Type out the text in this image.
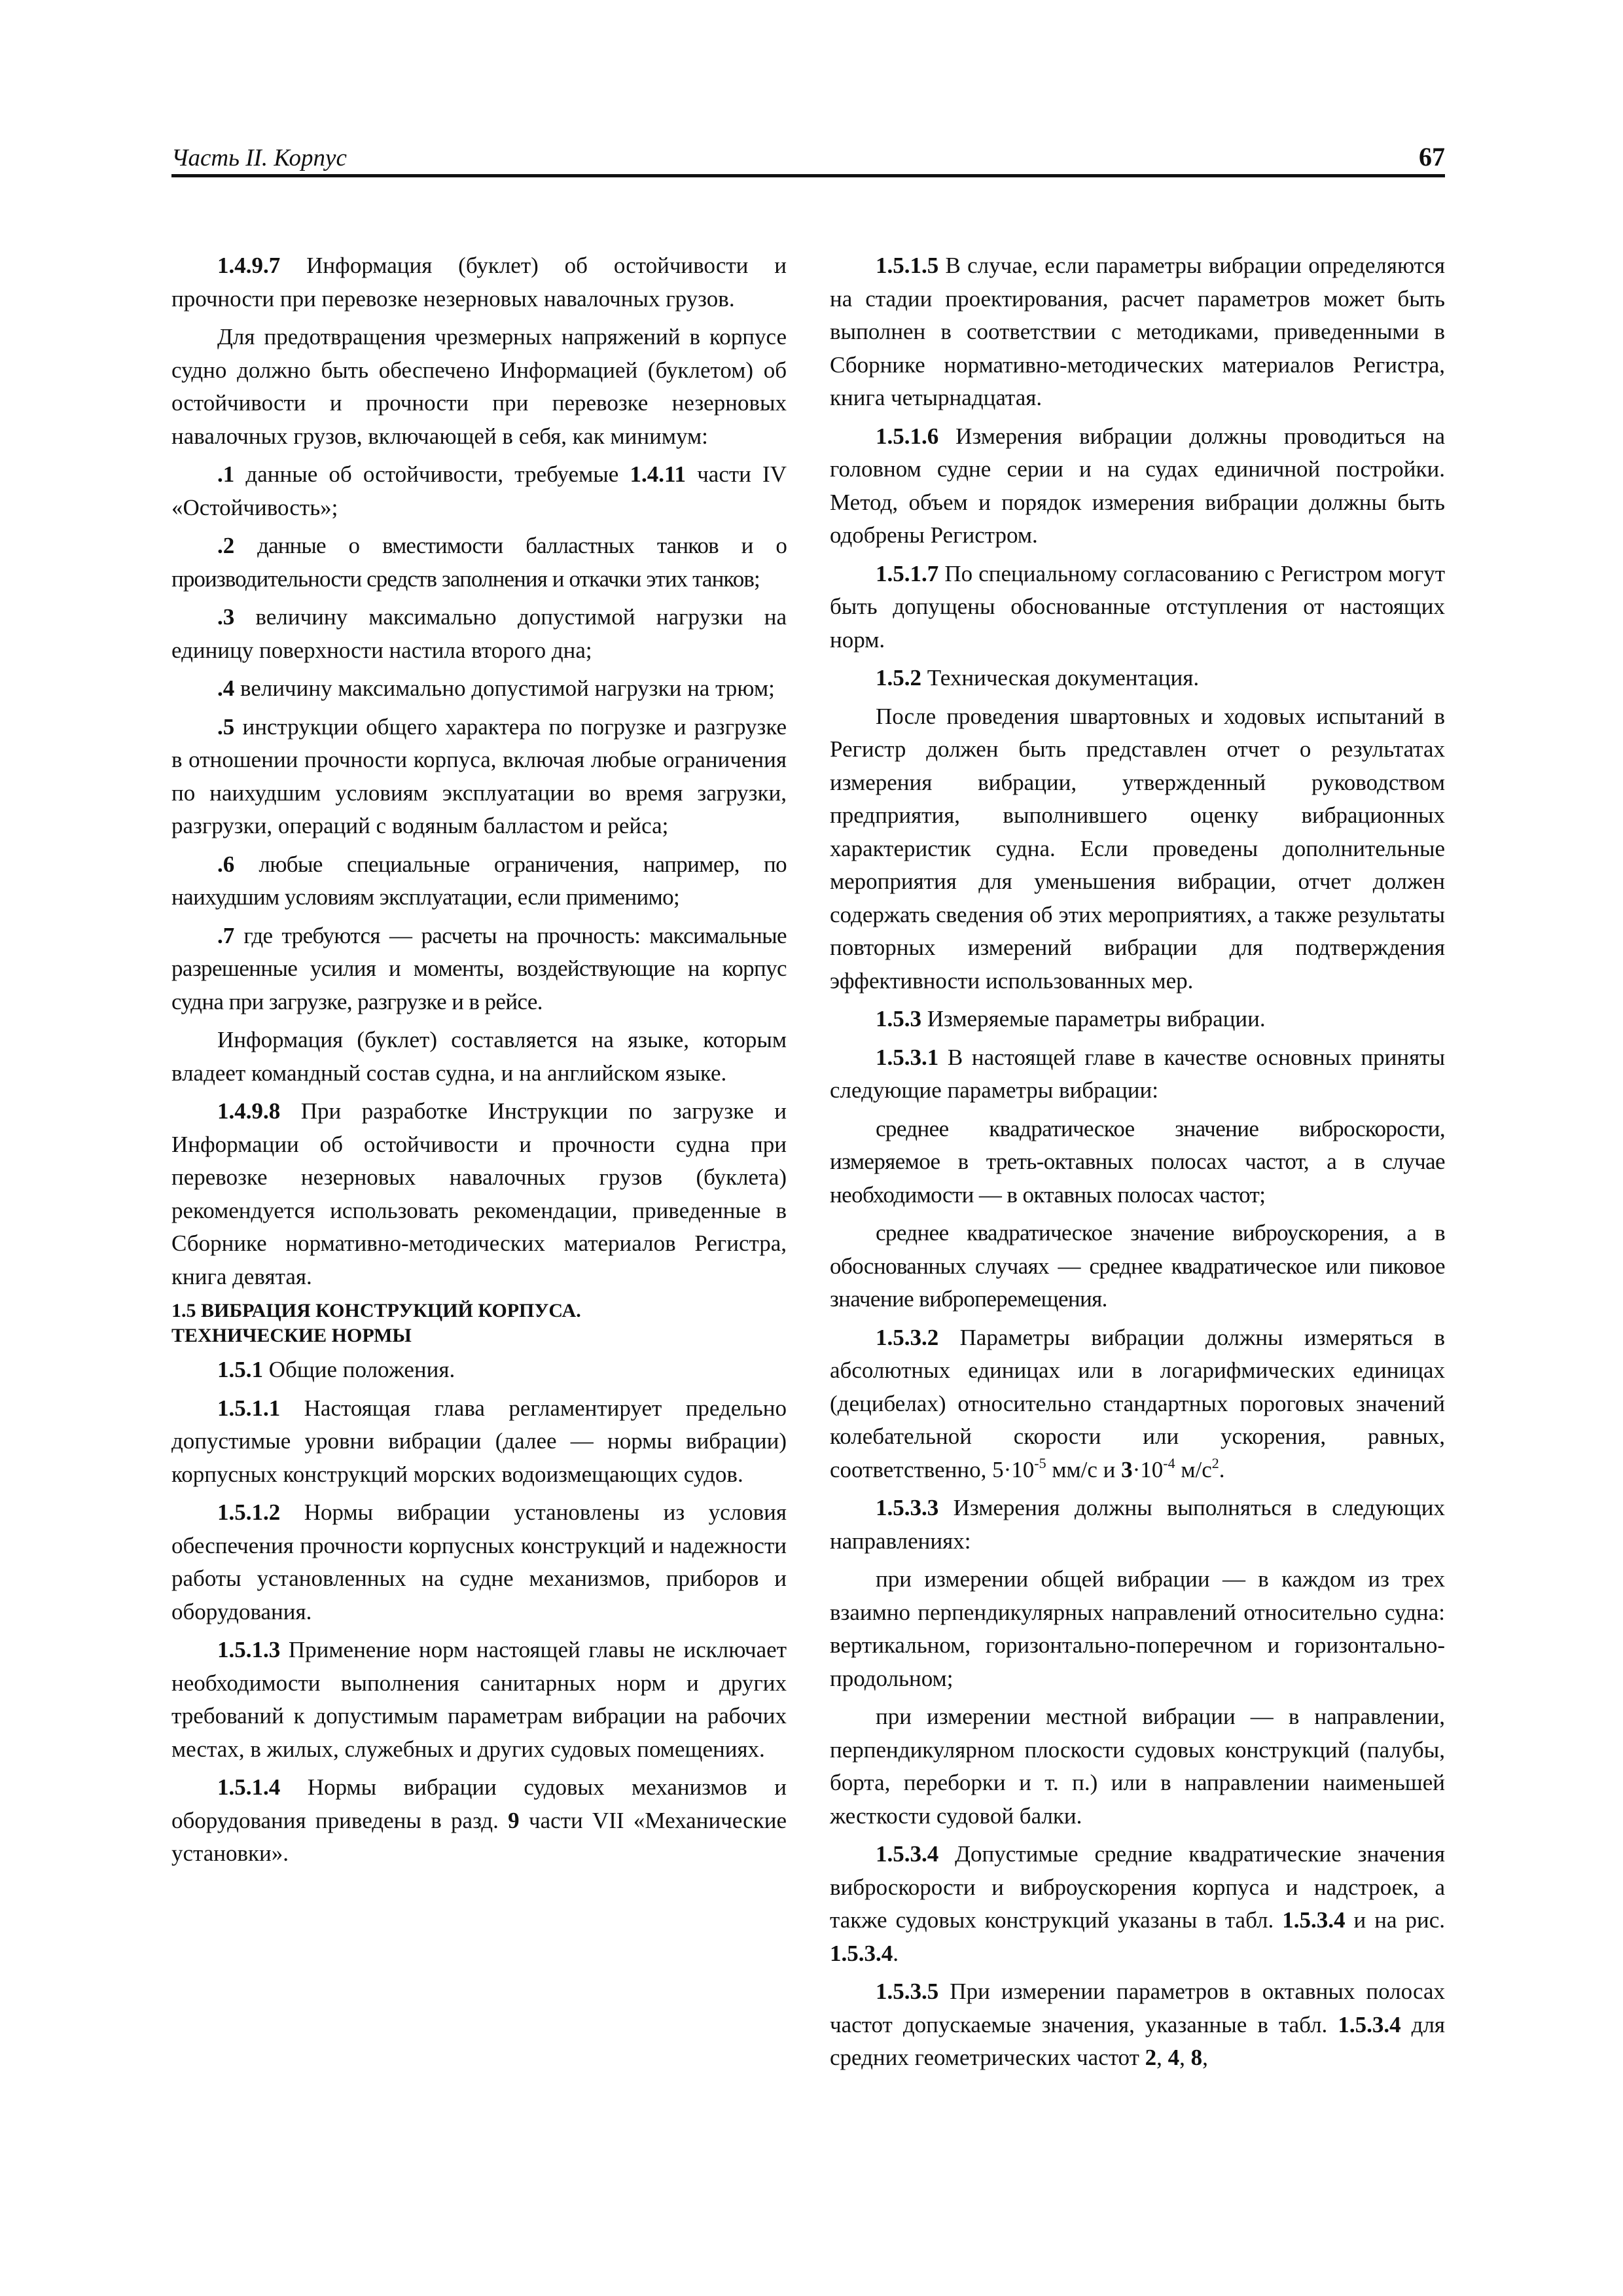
Часть II. Корпус	67

1.4.9.7 Информация (буклет) об остойчивости и прочности при перевозке незерновых навалочных грузов.

Для предотвращения чрезмерных напряжений в корпусе судно должно быть обеспечено Информацией (буклетом) об остойчивости и прочности при перевозке незерновых навалочных грузов, включающей в себя, как минимум:

.1 данные об остойчивости, требуемые 1.4.11 части IV «Остойчивость»;

.2 данные о вместимости балластных танков и о производительности средств заполнения и откачки этих танков;

.3 величину максимально допустимой нагрузки на единицу поверхности настила второго дна;

.4 величину максимально допустимой нагрузки на трюм;

.5 инструкции общего характера по погрузке и разгрузке в отношении прочности корпуса, включая любые ограничения по наихудшим условиям эксплуатации во время загрузки, разгрузки, операций с водяным балластом и рейса;

.6 любые специальные ограничения, например, по наихудшим условиям эксплуатации, если применимо;

.7 где требуются — расчеты на прочность: максимальные разрешенные усилия и моменты, воздействующие на корпус судна при загрузке, разгрузке и в рейсе.

Информация (буклет) составляется на языке, которым владеет командный состав судна, и на английском языке.

1.4.9.8 При разработке Инструкции по загрузке и Информации об остойчивости и прочности судна при перевозке незерновых навалочных грузов (буклета) рекомендуется использовать рекомендации, приведенные в Сборнике нормативно-методических материалов Регистра, книга девятая.

1.5 ВИБРАЦИЯ КОНСТРУКЦИЙ КОРПУСА.
ТЕХНИЧЕСКИЕ НОРМЫ

1.5.1 Общие положения.

1.5.1.1 Настоящая глава регламентирует предельно допустимые уровни вибрации (далее — нормы вибрации) корпусных конструкций морских водоизмещающих судов.

1.5.1.2 Нормы вибрации установлены из условия обеспечения прочности корпусных конструкций и надежности работы установленных на судне механизмов, приборов и оборудования.

1.5.1.3 Применение норм настоящей главы не исключает необходимости выполнения санитарных норм и других требований к допустимым параметрам вибрации на рабочих местах, в жилых, служебных и других судовых помещениях.

1.5.1.4 Нормы вибрации судовых механизмов и оборудования приведены в разд. 9 части VII «Механические установки».

1.5.1.5 В случае, если параметры вибрации определяются на стадии проектирования, расчет параметров может быть выполнен в соответствии с методиками, приведенными в Сборнике нормативно-методических материалов Регистра, книга четырнадцатая.

1.5.1.6 Измерения вибрации должны проводиться на головном судне серии и на судах единичной постройки. Метод, объем и порядок измерения вибрации должны быть одобрены Регистром.

1.5.1.7 По специальному согласованию с Регистром могут быть допущены обоснованные отступления от настоящих норм.

1.5.2 Техническая документация.

После проведения швартовных и ходовых испытаний в Регистр должен быть представлен отчет о результатах измерения вибрации, утвержденный руководством предприятия, выполнившего оценку вибрационных характеристик судна. Если проведены дополнительные мероприятия для уменьшения вибрации, отчет должен содержать сведения об этих мероприятиях, а также результаты повторных измерений вибрации для подтверждения эффективности использованных мер.

1.5.3 Измеряемые параметры вибрации.

1.5.3.1 В настоящей главе в качестве основных приняты следующие параметры вибрации:

среднее квадратическое значение виброскорости, измеряемое в треть-октавных полосах частот, а в случае необходимости — в октавных полосах частот;

среднее квадратическое значение виброускорения, а в обоснованных случаях — среднее квадратическое или пиковое значение виброперемещения.

1.5.3.2 Параметры вибрации должны измеряться в абсолютных единицах или в логарифмических единицах (децибелах) относительно стандартных пороговых значений колебательной скорости или ускорения, равных, соответственно, $5\cdot 10^{-5}$ мм/с и $3\cdot 10^{-4}$ $м/с^2$.

1.5.3.3 Измерения должны выполняться в следующих направлениях:

при измерении общей вибрации — в каждом из трех взаимно перпендикулярных направлений относительно судна: вертикальном, горизонтально-поперечном и горизонтально-продольном;

при измерении местной вибрации — в направлении, перпендикулярном плоскости судовых конструкций (палубы, борта, переборки и т. п.) или в направлении наименьшей жесткости судовой балки.

1.5.3.4 Допустимые средние квадратические значения виброскорости и виброускорения корпуса и надстроек, а также судовых конструкций указаны в табл. 1.5.3.4 и на рис. 1.5.3.4.

1.5.3.5 При измерении параметров в октавных полосах частот допускаемые значения, указанные в табл. 1.5.3.4 для средних геометрических частот 2, 4, 8,
